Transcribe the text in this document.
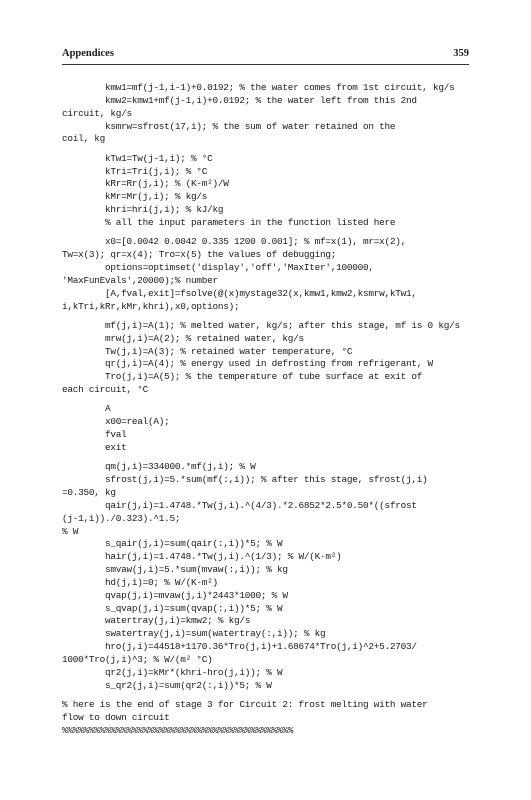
Appendices	359
kmw1=mf(j-1,i-1)+0.0192; % the water comes from 1st circuit, kg/s
kmw2=kmw1+mf(j-1,i)+0.0192; % the water left from this 2nd
circuit, kg/s
ksmrw=sfrost(17,i); % the sum of water retained on the
coil, kg
kTw1=Tw(j-1,i); % °C
kTri=Tri(j,i); % °C
kRr=Rr(j,i); % (K-m²)/W
kMr=Mr(j,i); % kg/s
khri=hri(j,i); % kJ/kg
% all the input parameters in the function listed here
x0=[0.0042 0.0042 0.335 1200 0.001]; % mf=x(1), mr=x(2),
Tw=x(3); qr=x(4); Tro=x(5) the values of debugging;
options=optimset('display','off','MaxIter',100000,
'MaxFunEvals',20000);% number
[A,fval,exit]=fsolve(@(x)mystage32(x,kmw1,kmw2,ksmrw,kTw1,
i,kTri,kRr,kMr,khri),x0,options);
mf(j,i)=A(1); % melted water, kg/s; after this stage, mf is 0 kg/s
mrw(j,i)=A(2); % retained water, kg/s
Tw(j,i)=A(3); % retained water temperature, °C
qr(j,i)=A(4); % energy used in defrosting from refrigerant, W
Tro(j,i)=A(5); % the temperature of tube surface at exit of
each circuit, °C
A
x00=real(A);
fval
exit
qm(j,i)=334000.*mf(j,i); % W
sfrost(j,i)=5.*sum(mf(:,i)); % after this stage, sfrost(j,i)
=0.350, kg
qair(j,i)=1.4748.*Tw(j,i).^(4/3).*2.6852*2.5*0.50*((sfrost
(j-1,i))./0.323).^1.5;
% W
s_qair(j,i)=sum(qair(:,i))*5; % W
hair(j,i)=1.4748.*Tw(j,i).^(1/3); % W/(K·m²)
smvaw(j,i)=5.*sum(mvaw(:,i)); % kg
hd(j,i)=0; % W/(K-m²)
qvap(j,i)=mvaw(j,i)*2443*1000; % W
s_qvap(j,i)=sum(qvap(:,i))*5; % W
watertray(j,i)=kmw2; % kg/s
swatertray(j,i)=sum(watertray(:,i)); % kg
hro(j,i)=44518+1170.36*Tro(j,i)+1.68674*Tro(j,i)^2+5.2703/
1000*Tro(j,i)^3; % W/(m² °C)
qr2(j,i)=kMr*(khri-hro(j,i)); % W
s_qr2(j,i)=sum(qr2(:,i))*5; % W
% here is the end of stage 3 for Circuit 2: frost melting with water
flow to down circuit
%%%%%%%%%%%%%%%%%%%%%%%%%%%%%%%%%%%%%%%%%%%
